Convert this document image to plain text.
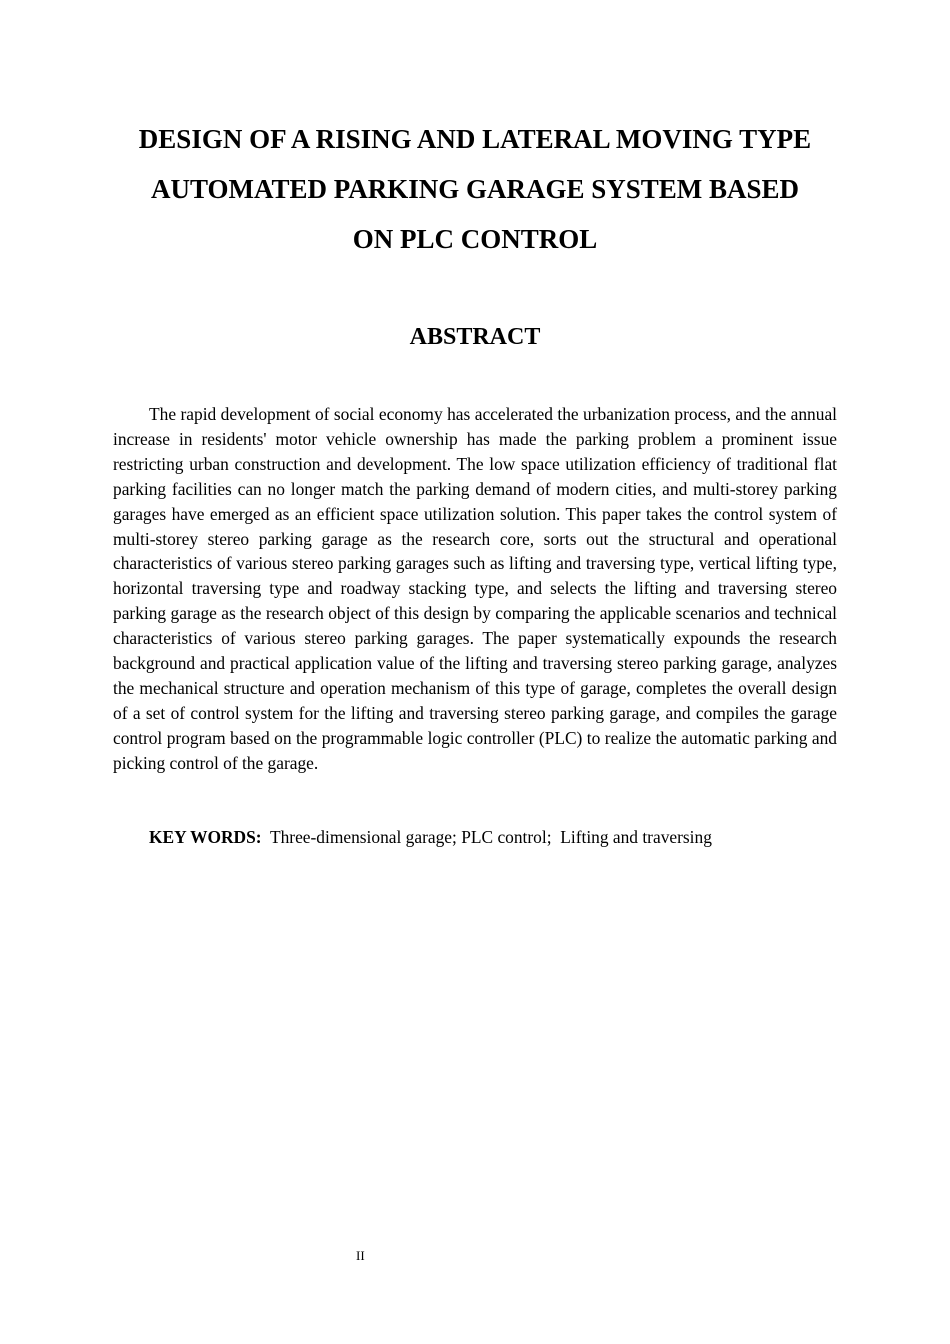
DESIGN OF A RISING AND LATERAL MOVING TYPE
AUTOMATED PARKING GARAGE SYSTEM BASED
ON PLC CONTROL
ABSTRACT

The rapid development of social economy has accelerated the urbanization process, and the annual increase in residents' motor vehicle ownership has made the parking problem a prominent issue restricting urban construction and development. The low space utilization efficiency of traditional flat parking facilities can no longer match the parking demand of modern cities, and multi-storey parking garages have emerged as an efficient space utilization solution. This paper takes the control system of multi-storey stereo parking garage as the research core, sorts out the structural and operational characteristics of various stereo parking garages such as lifting and traversing type, vertical lifting type, horizontal traversing type and roadway stacking type, and selects the lifting and traversing stereo parking garage as the research object of this design by comparing the applicable scenarios and technical characteristics of various stereo parking garages. The paper systematically expounds the research background and practical application value of the lifting and traversing stereo parking garage, analyzes the mechanical structure and operation mechanism of this type of garage, completes the overall design of a set of control system for the lifting and traversing stereo parking garage, and compiles the garage control program based on the programmable logic controller (PLC) to realize the automatic parking and picking control of the garage.

KEY WORDS: Three-dimensional garage; PLC control; Lifting and traversing

II
